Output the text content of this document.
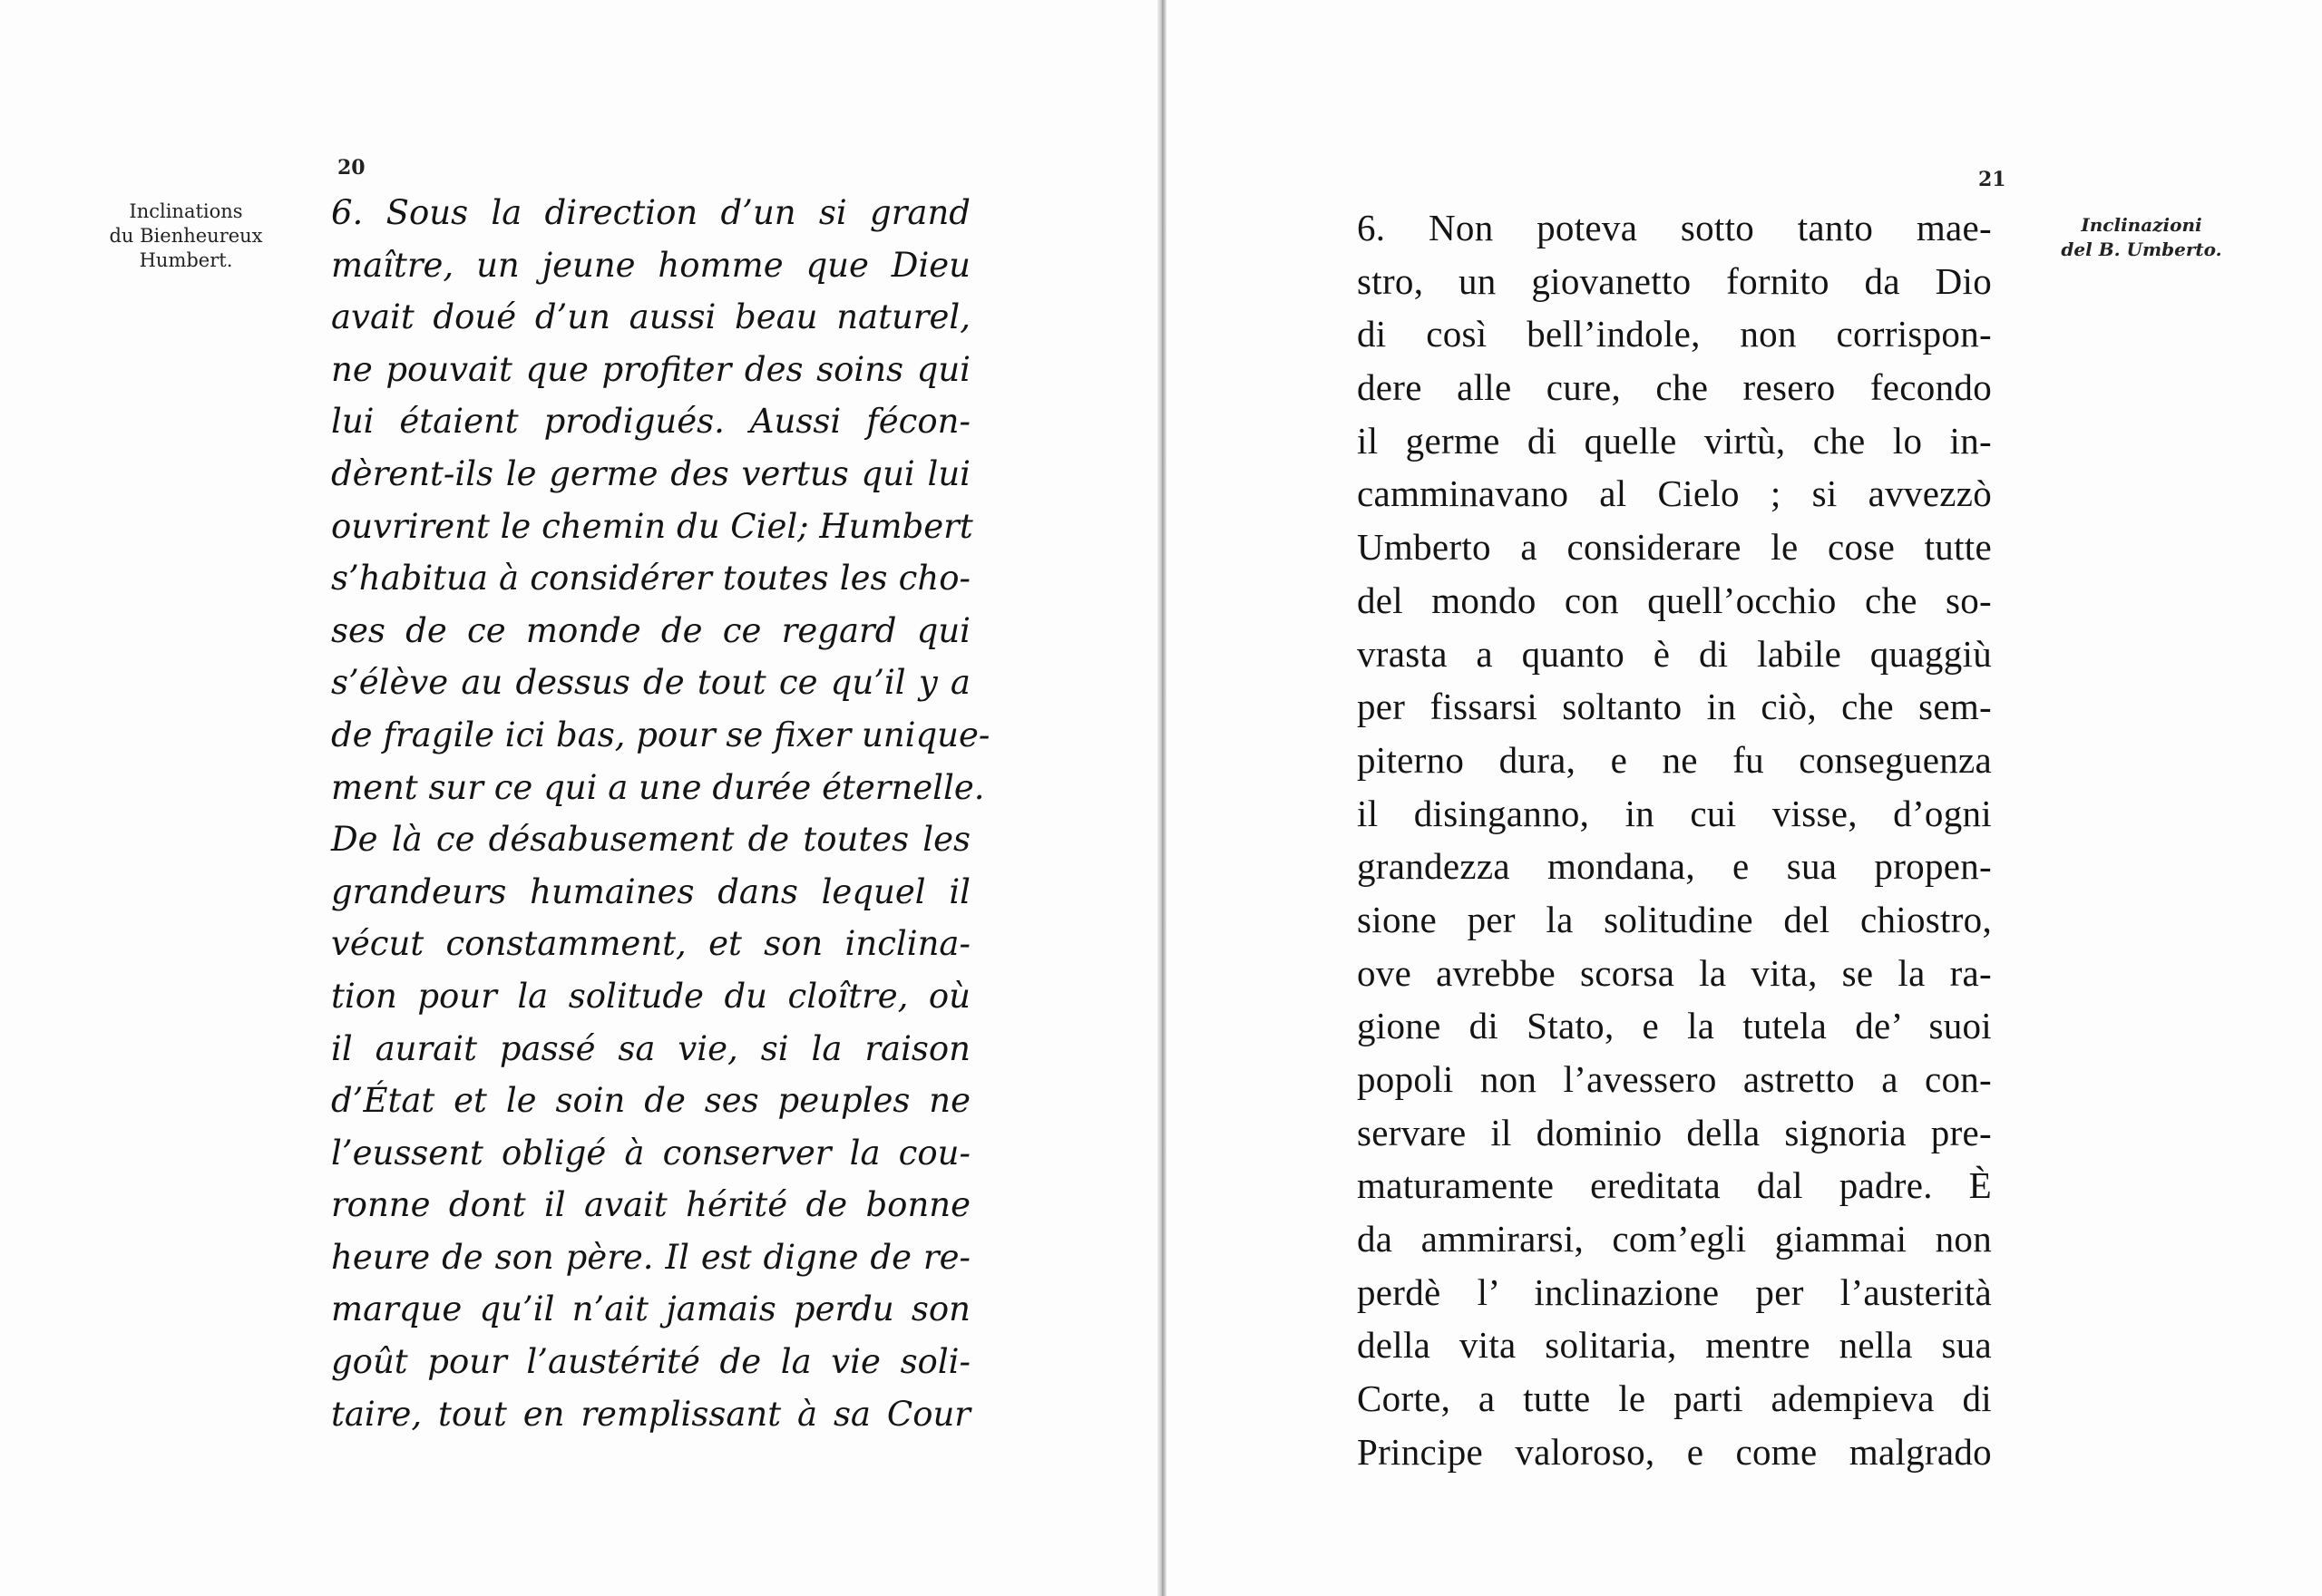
20
Inclinations
du Bienheureux
Humbert.
6. Sous la direction d’un si grand
maître, un jeune homme que Dieu
avait doué d’un aussi beau naturel,
ne pouvait que profiter des soins qui
lui étaient prodigués. Aussi fécon-
dèrent-ils le germe des vertus qui lui
ouvrirent le chemin du Ciel; Humbert
s’habitua à considérer toutes les cho-
ses de ce monde de ce regard qui
s’élève au dessus de tout ce qu’il y a
de fragile ici bas, pour se fixer unique-
ment sur ce qui a une durée éternelle.
De là ce désabusement de toutes les
grandeurs humaines dans lequel il
vécut constamment, et son inclina-
tion pour la solitude du cloître, où
il aurait passé sa vie, si la raison
d’État et le soin de ses peuples ne
l’eussent obligé à conserver la cou-
ronne dont il avait hérité de bonne
heure de son père. Il est digne de re-
marque qu’il n’ait jamais perdu son
goût pour l’austérité de la vie soli-
taire, tout en remplissant à sa Cour
21
Inclinazioni
del B. Umberto.
6. Non poteva sotto tanto mae-
stro, un giovanetto fornito da Dio
di così bell’indole, non corrispon-
dere alle cure, che resero fecondo
il germe di quelle virtù, che lo in-
camminavano al Cielo ; si avvezzò
Umberto a considerare le cose tutte
del mondo con quell’occhio che so-
vrasta a quanto è di labile quaggiù
per fissarsi soltanto in ciò, che sem-
piterno dura, e ne fu conseguenza
il disinganno, in cui visse, d’ogni
grandezza mondana, e sua propen-
sione per la solitudine del chiostro,
ove avrebbe scorsa la vita, se la ra-
gione di Stato, e la tutela de’ suoi
popoli non l’avessero astretto a con-
servare il dominio della signoria pre-
maturamente ereditata dal padre. È
da ammirarsi, com’egli giammai non
perdè l’ inclinazione per l’austerità
della vita solitaria, mentre nella sua
Corte, a tutte le parti adempieva di
Principe valoroso, e come malgrado
